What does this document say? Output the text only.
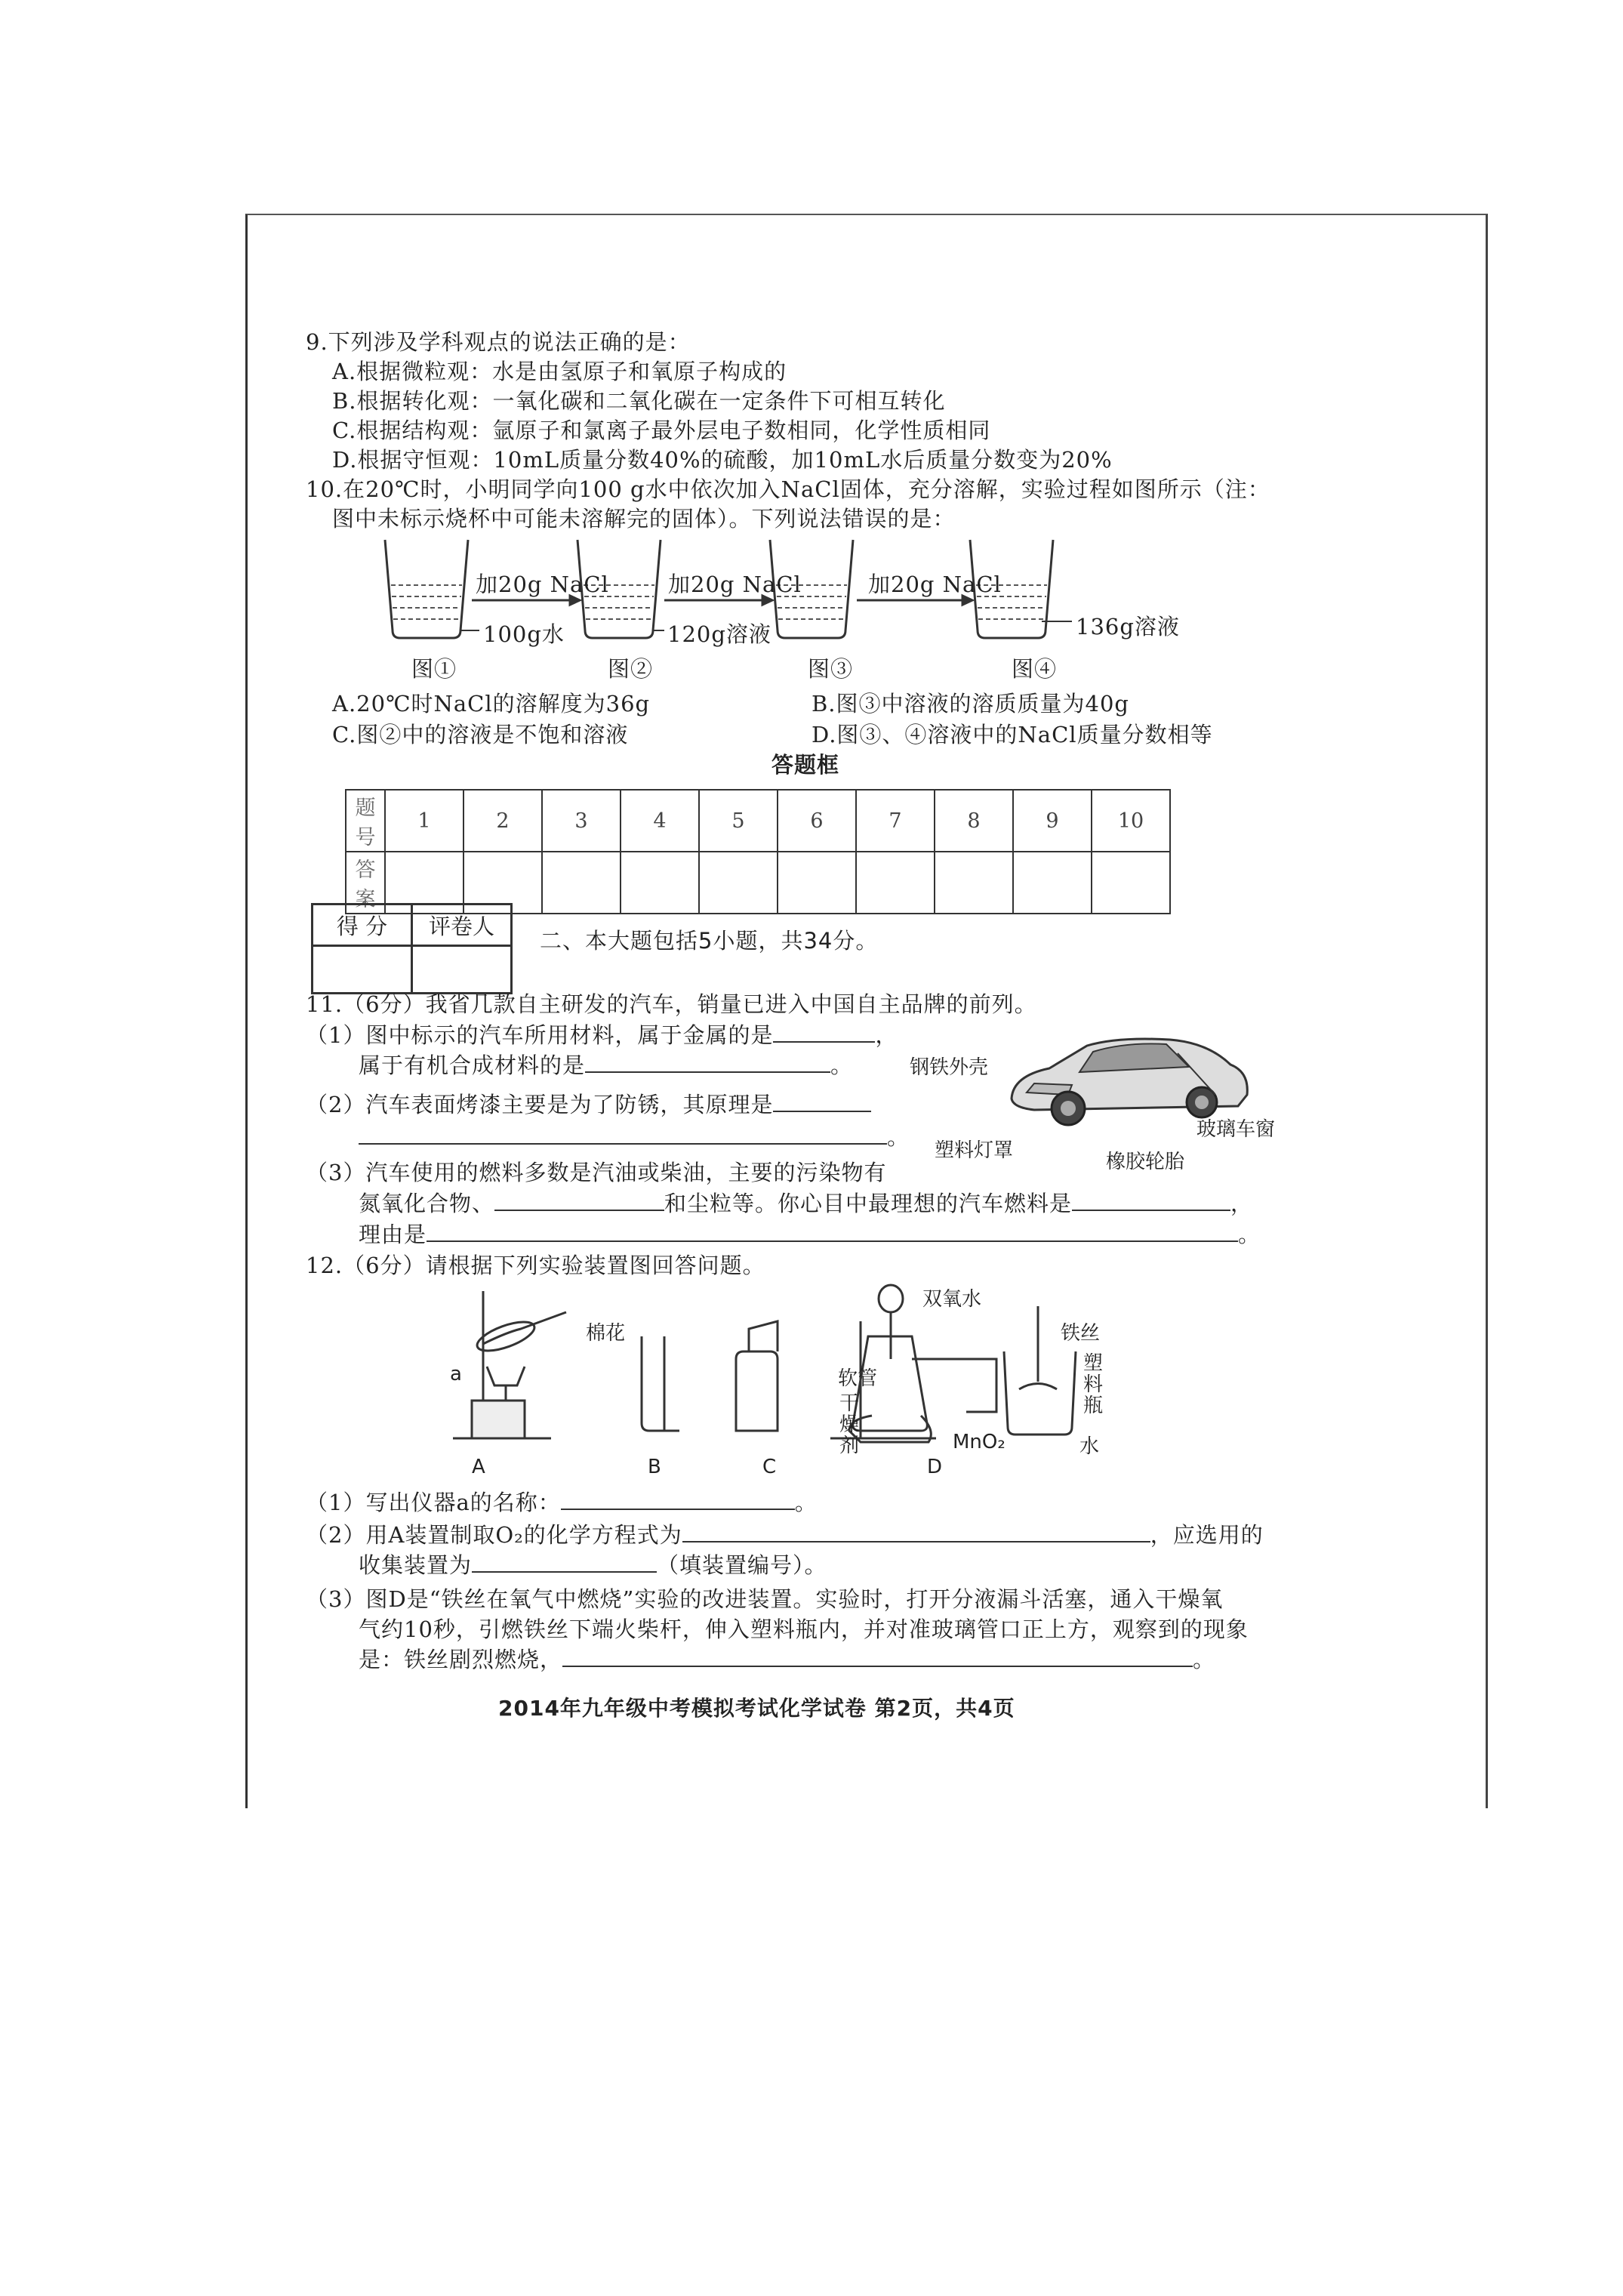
9.下列涉及学科观点的说法正确的是：
A.根据微粒观：水是由氢原子和氧原子构成的
B.根据转化观：一氧化碳和二氧化碳在一定条件下可相互转化
C.根据结构观：氩原子和氯离子最外层电子数相同，化学性质相同
D.根据守恒观：10mL质量分数40%的硫酸，加10mL水后质量分数变为20%
10.在20℃时，小明同学向100 g水中依次加入NaCl固体，充分溶解，实验过程如图所示（注：
图中未标示烧杯中可能未溶解完的固体）。下列说法错误的是：
加20g NaCl	加20g NaCl	加20g NaCl
100g水	120g溶液	136g溶液
图①	图②	图③	图④
A.20℃时NaCl的溶解度为36g	B.图③中溶液的溶质质量为40g
C.图②中的溶液是不饱和溶液	D.图③、④溶液中的NaCl质量分数相等
答题框
题号	1	2	3	4	5	6	7	8	9	10
答案										
得 分	评卷人

二、本大题包括5小题，共34分。
11.（6分）我省几款自主研发的汽车，销量已进入中国自主品牌的前列。
（1）图中标示的汽车所用材料，属于金属的是	，
属于有机合成材料的是	。
（2）汽车表面烤漆主要是为了防锈，其原理是
。
（3）汽车使用的燃料多数是汽油或柴油，主要的污染物有
氮氧化合物、	和尘粒等。你心目中最理想的汽车燃料是	，
理由是	。
钢铁外壳
玻璃车窗
塑料灯罩	橡胶轮胎
12.（6分）请根据下列实验装置图回答问题。
棉花
a
双氧水
铁丝
软管
干
燥
剂
塑
料
瓶
MnO₂	水
A	B	C	D
（1）写出仪器a的名称：	。
（2）用A装置制取O₂的化学方程式为	，应选用的
收集装置为	（填装置编号）。
（3）图D是“铁丝在氧气中燃烧”实验的改进装置。实验时，打开分液漏斗活塞，通入干燥氧
气约10秒，引燃铁丝下端火柴杆，伸入塑料瓶内，并对准玻璃管口正上方，观察到的现象
是：铁丝剧烈燃烧，	。
2014年九年级中考模拟考试化学试卷 第2页，共4页
